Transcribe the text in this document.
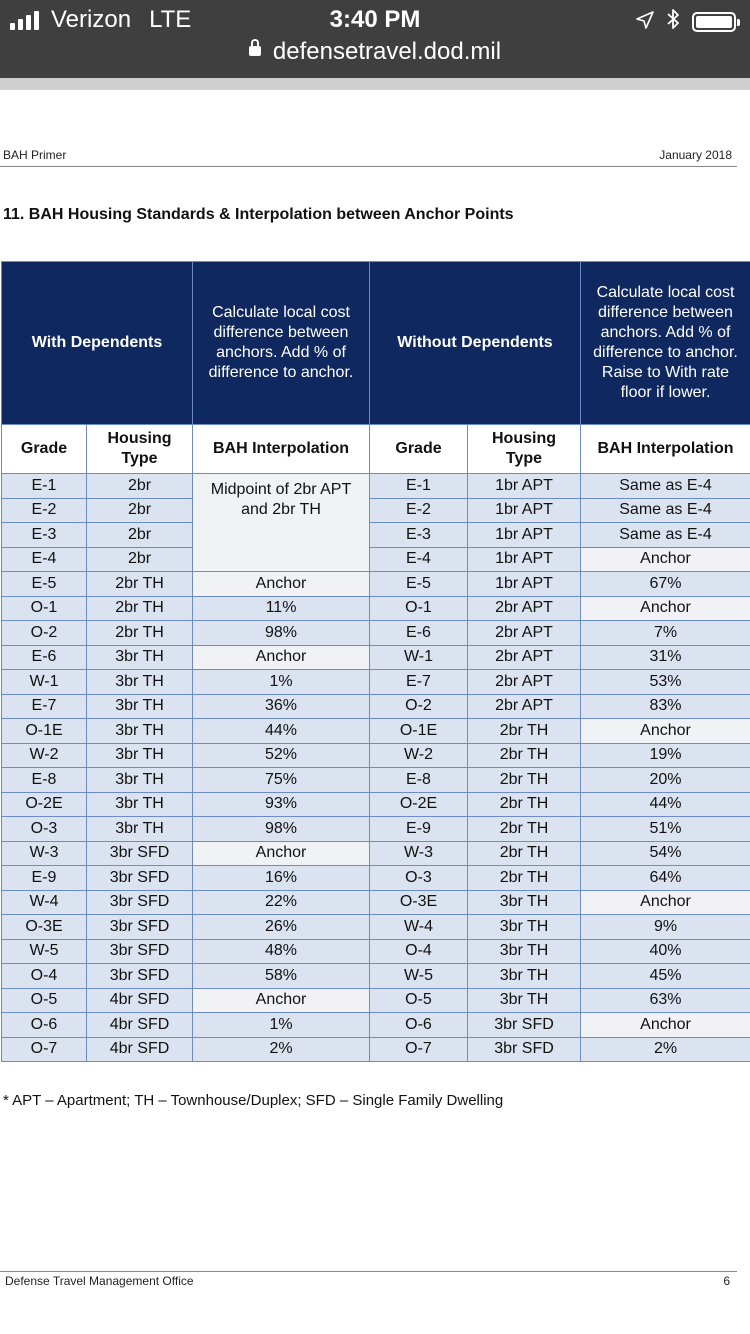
Verizon LTE	3:40 PM
defensetravel.dod.mil
BAH Primer	January 2018
11. BAH Housing Standards & Interpolation between Anchor Points
With Dependents		Calculate local cost difference between anchors. Add % of difference to anchor.	Without Dependents		Calculate local cost difference between anchors. Add % of difference to anchor. Raise to With rate floor if lower.
Grade	Housing Type	BAH Interpolation	Grade	Housing Type	BAH Interpolation
E-1	2br	Midpoint of 2br APT and 2br TH	E-1	1br APT	Same as E-4
E-2	2br		E-2	1br APT	Same as E-4
E-3	2br		E-3	1br APT	Same as E-4
E-4	2br		E-4	1br APT	Anchor
E-5	2br TH	Anchor	E-5	1br APT	67%
O-1	2br TH	11%	O-1	2br APT	Anchor
O-2	2br TH	98%	E-6	2br APT	7%
E-6	3br TH	Anchor	W-1	2br APT	31%
W-1	3br TH	1%	E-7	2br APT	53%
E-7	3br TH	36%	O-2	2br APT	83%
O-1E	3br TH	44%	O-1E	2br TH	Anchor
W-2	3br TH	52%	W-2	2br TH	19%
E-8	3br TH	75%	E-8	2br TH	20%
O-2E	3br TH	93%	O-2E	2br TH	44%
O-3	3br TH	98%	E-9	2br TH	51%
W-3	3br SFD	Anchor	W-3	2br TH	54%
E-9	3br SFD	16%	O-3	2br TH	64%
W-4	3br SFD	22%	O-3E	3br TH	Anchor
O-3E	3br SFD	26%	W-4	3br TH	9%
W-5	3br SFD	48%	O-4	3br TH	40%
O-4	3br SFD	58%	W-5	3br TH	45%
O-5	4br SFD	Anchor	O-5	3br TH	63%
O-6	4br SFD	1%	O-6	3br SFD	Anchor
O-7	4br SFD	2%	O-7	3br SFD	2%
* APT – Apartment; TH – Townhouse/Duplex; SFD – Single Family Dwelling
Defense Travel Management Office	6
